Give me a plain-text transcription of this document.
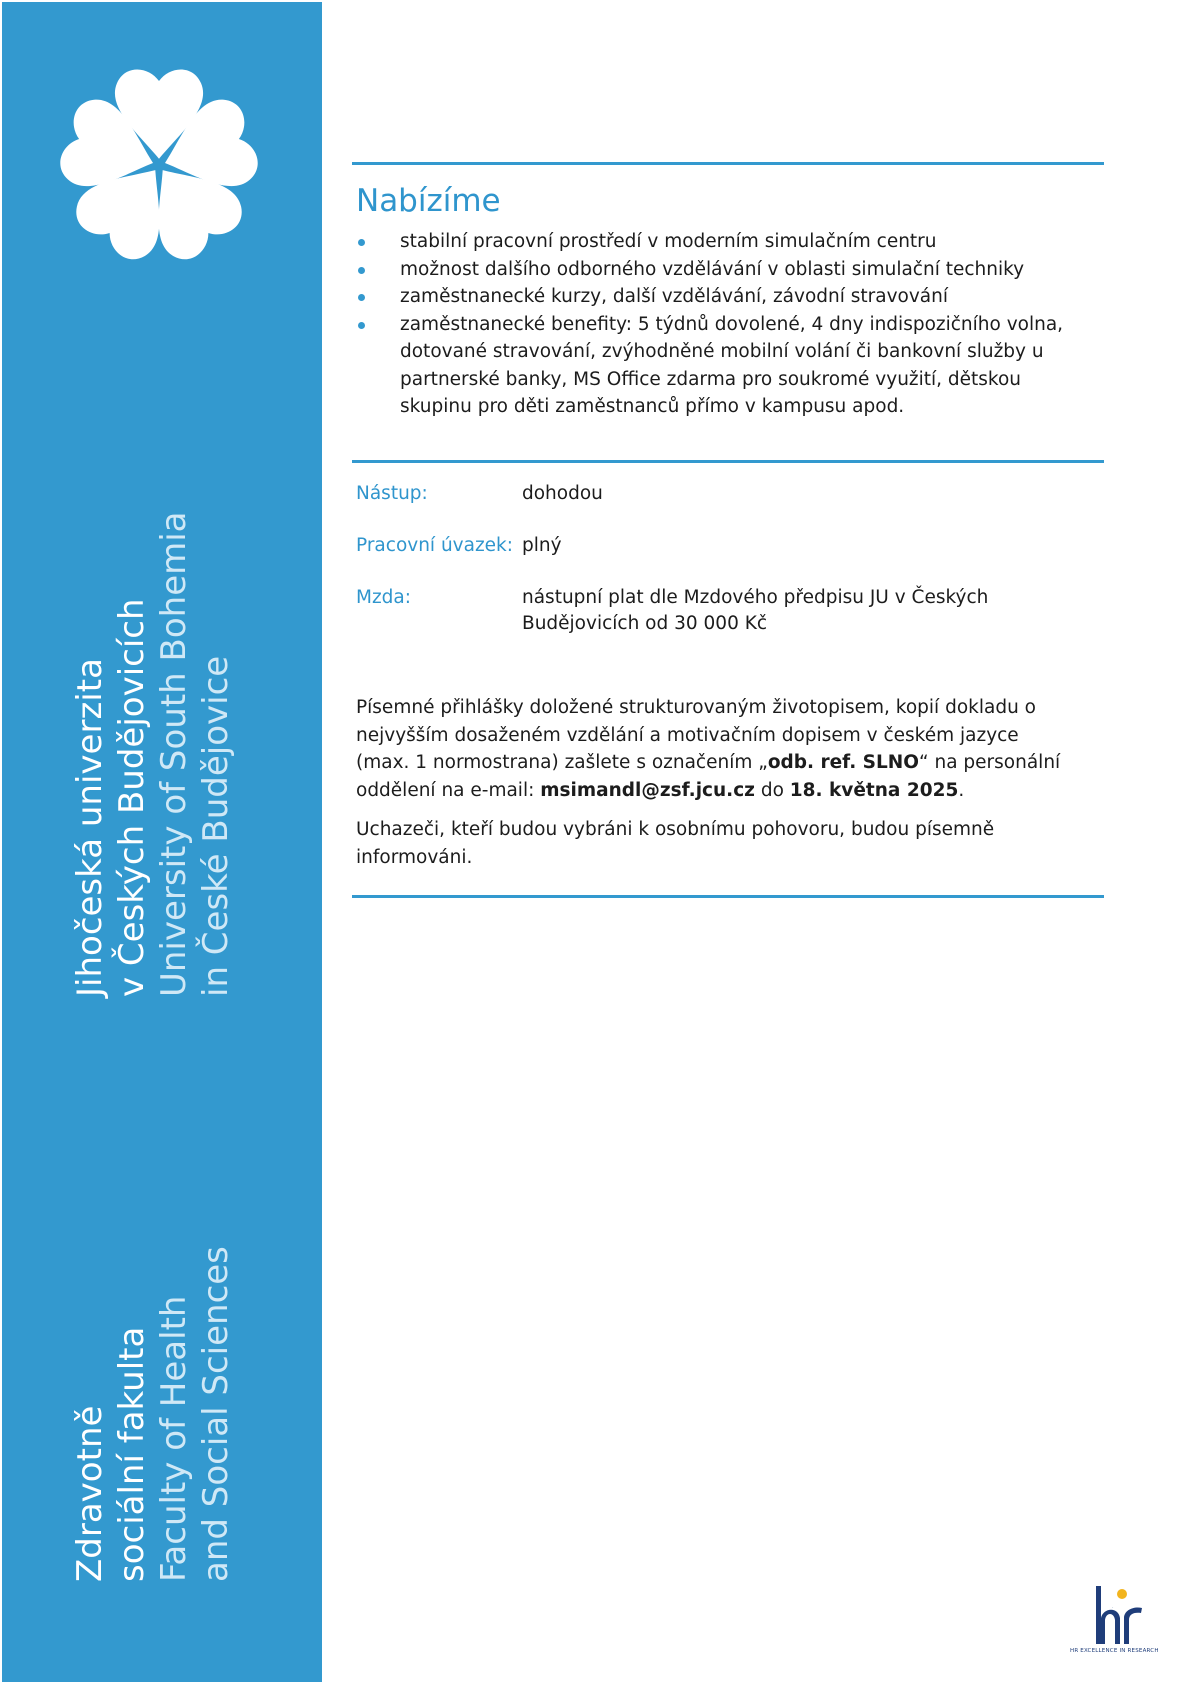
Zdravotně sociální fakulta Faculty of Health and Social Sciences
Jihočeská univerzita v Českých Budějovicích University of South Bohemia in České Budějovice
Nabízíme
stabilní pracovní prostředí v moderním simulačním centru
možnost dalšího odborného vzdělávání v oblasti simulační techniky
zaměstnanecké kurzy, další vzdělávání, závodní stravování
zaměstnanecké benefity: 5 týdnů dovolené, 4 dny indispozičního volna, dotované stravování, zvýhodněné mobilní volání či bankovní služby u partnerské banky, MS Office zdarma pro soukromé využití, dětskou skupinu pro děti zaměstnanců přímo v kampusu apod.
Nástup:	dohodou
Pracovní úvazek: plný
Mzda:	nástupní plat dle Mzdového předpisu JU v Českých
Budějovicích od 30 000 Kč

Písemné přihlášky doložené strukturovaným životopisem, kopií dokladu o nejvyšším dosaženém vzdělání a motivačním dopisem v českém jazyce (max. 1 normostrana) zašlete s označením „odb. ref. SLNO“ na personální oddělení na e-mail: msimandl@zsf.jcu.cz do 18. května 2025.

Uchazeči, kteří budou vybráni k osobnímu pohovoru, budou písemně informováni.

hr
HR EXCELLENCE IN RESEARCH
